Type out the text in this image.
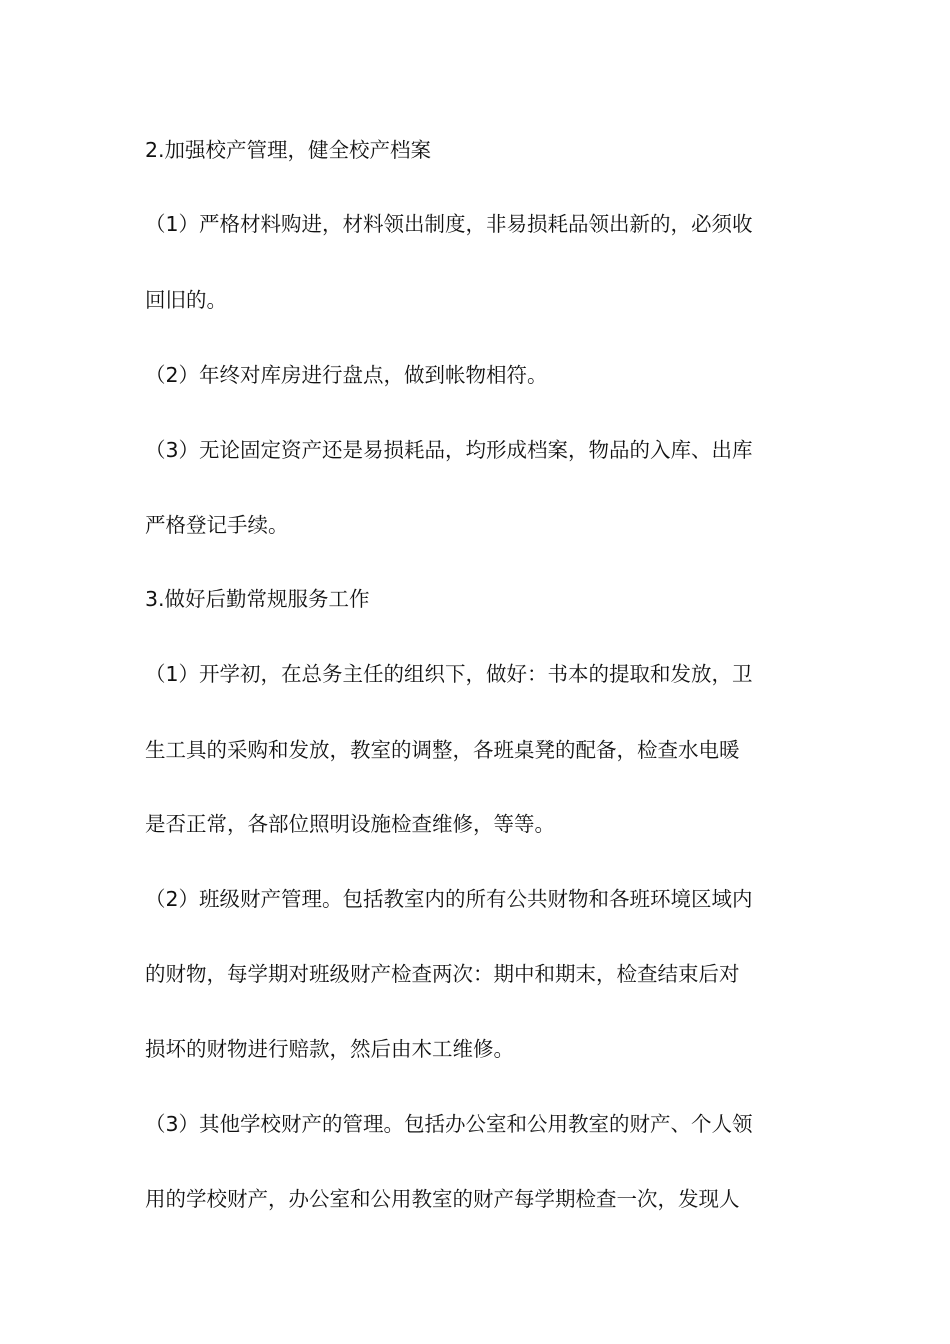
2.加强校产管理，健全校产档案
（1）严格材料购进，材料领出制度，非易损耗品领出新的，必须收
回旧的。
（2）年终对库房进行盘点，做到帐物相符。
（3）无论固定资产还是易损耗品，均形成档案，物品的入库、出库
严格登记手续。
3.做好后勤常规服务工作
（1）开学初，在总务主任的组织下，做好：书本的提取和发放，卫
生工具的采购和发放，教室的调整，各班桌凳的配备，检查水电暖
是否正常，各部位照明设施检查维修，等等。
（2）班级财产管理。包括教室内的所有公共财物和各班环境区域内
的财物，每学期对班级财产检查两次：期中和期末，检查结束后对
损坏的财物进行赔款，然后由木工维修。
（3）其他学校财产的管理。包括办公室和公用教室的财产、个人领
用的学校财产，办公室和公用教室的财产每学期检查一次，发现人
